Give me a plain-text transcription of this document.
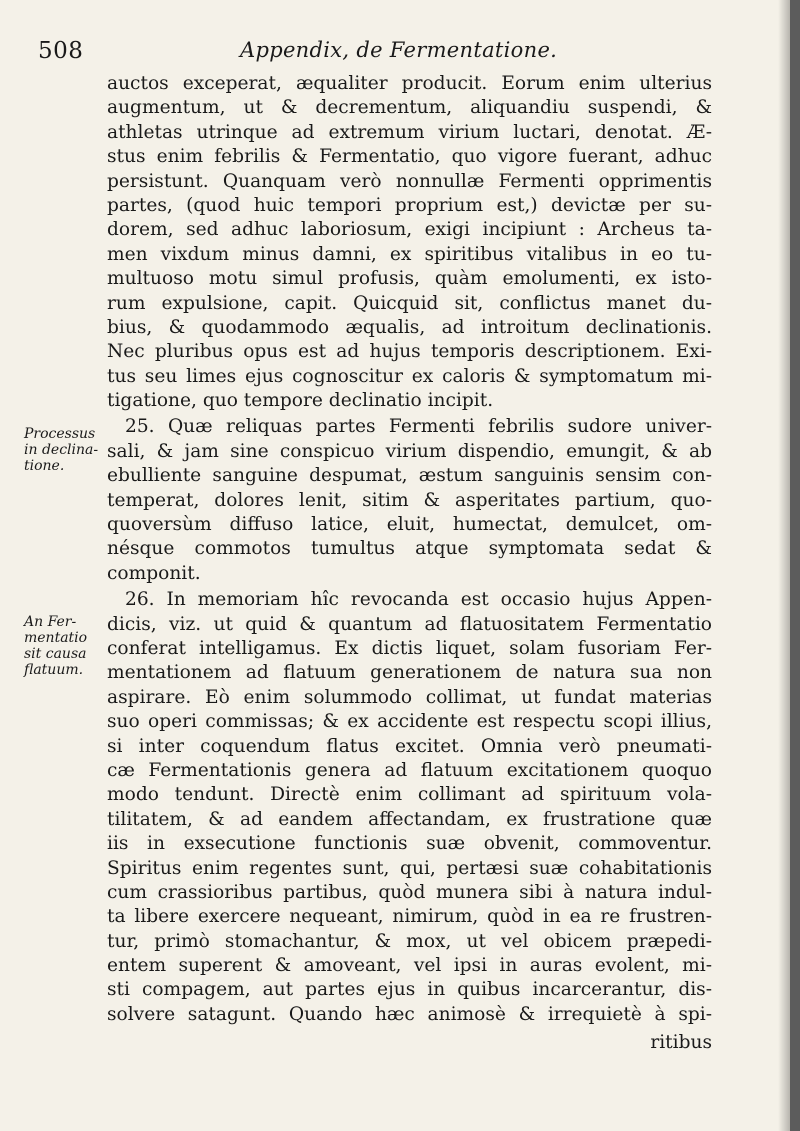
508	Appendix, de Fermentatione.
Processus
in declina-
tione.
An Fer-
mentatio
sit causa
flatuum.
auctos exceperat, æqualiter producit. Eorum enim ulterius
augmentum, ut & decrementum, aliquandiu suspendi, &
athletas utrinque ad extremum virium luctari, denotat. Æ-
stus enim febrilis & Fermentatio, quo vigore fuerant, adhuc
persistunt. Quanquam verò nonnullæ Fermenti opprimentis
partes, (quod huic tempori proprium est,) devictæ per su-
dorem, sed adhuc laboriosum, exigi incipiunt : Archeus ta-
men vixdum minus damni, ex spiritibus vitalibus in eo tu-
multuoso motu simul profusis, quàm emolumenti, ex isto-
rum expulsione, capit. Quicquid sit, conflictus manet du-
bius, & quodammodo æqualis, ad introitum declinationis.
Nec pluribus opus est ad hujus temporis descriptionem. Exi-
tus seu limes ejus cognoscitur ex caloris & symptomatum mi-
tigatione, quo tempore declinatio incipit.
25. Quæ reliquas partes Fermenti febrilis sudore univer-
sali, & jam sine conspicuo virium dispendio, emungit, & ab
ebulliente sanguine despumat, æstum sanguinis sensim con-
temperat, dolores lenit, sitim & asperitates partium, quo-
quoversùm diffuso latice, eluit, humectat, demulcet, om-
nésque commotos tumultus atque symptomata sedat &
componit.
26. In memoriam hîc revocanda est occasio hujus Appen-
dicis, viz. ut quid & quantum ad flatuositatem Fermentatio
conferat intelligamus. Ex dictis liquet, solam fusoriam Fer-
mentationem ad flatuum generationem de natura sua non
aspirare. Eò enim solummodo collimat, ut fundat materias
suo operi commissas; & ex accidente est respectu scopi illius,
si inter coquendum flatus excitet. Omnia verò pneumati-
cæ Fermentationis genera ad flatuum excitationem quoquo
modo tendunt. Directè enim collimant ad spirituum vola-
tilitatem, & ad eandem affectandam, ex frustratione quæ
iis in exsecutione functionis suæ obvenit, commoventur.
Spiritus enim regentes sunt, qui, pertæsi suæ cohabitationis
cum crassioribus partibus, quòd munera sibi à natura indul-
ta libere exercere nequeant, nimirum, quòd in ea re frustren-
tur, primò stomachantur, & mox, ut vel obicem præpedi-
entem superent & amoveant, vel ipsi in auras evolent, mi-
sti compagem, aut partes ejus in quibus incarcerantur, dis-
solvere satagunt. Quando hæc animosè & irrequietè à spi-
ritibus
